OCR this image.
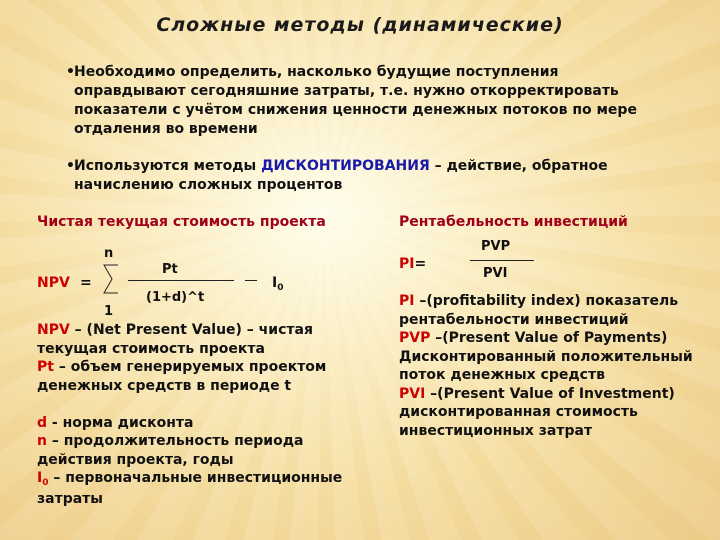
Сложные методы (динамические)
• Необходимо определить, насколько будущие поступления оправдывают сегодняшние затраты, т.е. нужно откорректировать показатели с учётом снижения ценности денежных потоков по мере отдаления во времени
• Используются методы ДИСКОНТИРОВАНИЯ – действие, обратное начислению сложных процентов
Чистая текущая стоимость проекта
n
1
NPV =
Pt
(1+d)^t
$I_0$
NPV – (Net Present Value) – чистая текущая стоимость проекта
Pt – объем генерируемых проектом денежных средств в периоде t
d - норма дисконта
n – продолжительность периода действия проекта, годы
$I_0$ – первоначальные инвестиционные затраты
Рентабельность инвестиций
PI=
PVP
PVI
PI –(profitability index) показатель рентабельности инвестиций
PVP –(Present Value of Payments) Дисконтированный положительный поток денежных средств
PVI –(Present Value of Investment) дисконтированная стоимость инвестиционных затрат
